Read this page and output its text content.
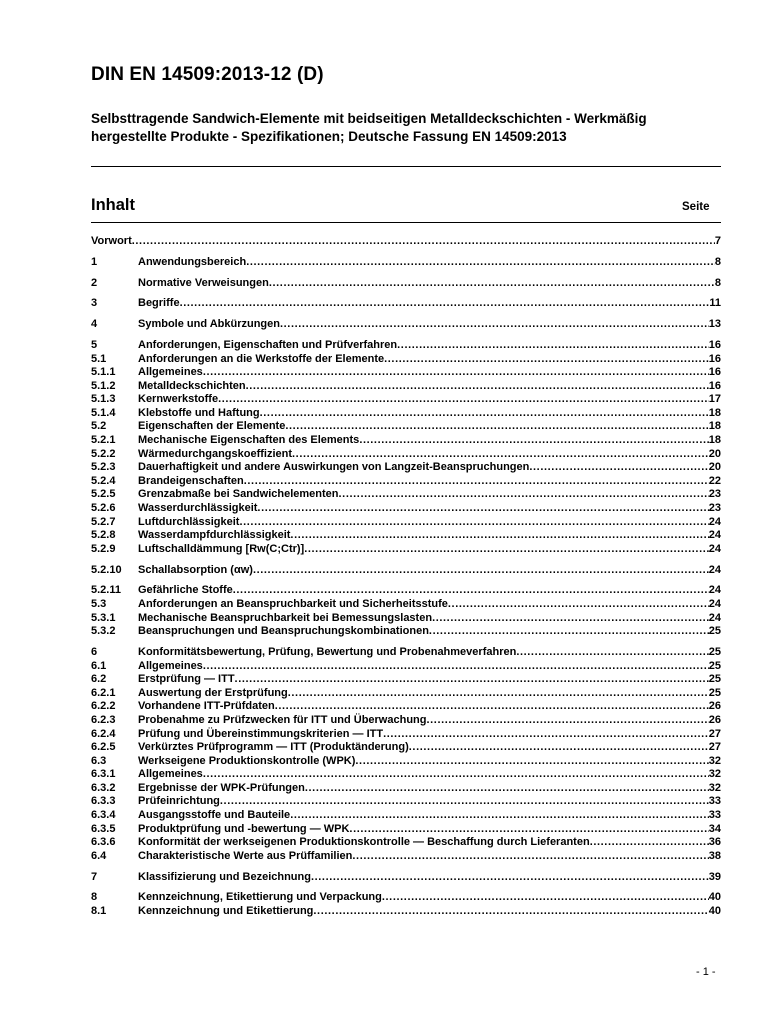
DIN EN 14509:2013-12 (D)
Selbsttragende Sandwich-Elemente mit beidseitigen Metalldeckschichten - Werkmäßig hergestellte Produkte - Spezifikationen; Deutsche Fassung EN 14509:2013
Inhalt	Seite
Vorwort .....	7
1	Anwendungsbereich .....	8
2	Normative Verweisungen .....	8
3	Begriffe .....	11
4	Symbole und Abkürzungen .....	13
5	Anforderungen, Eigenschaften und Prüfverfahren .....	16
5.1	Anforderungen an die Werkstoffe der Elemente .....	16
5.1.1	Allgemeines .....	16
5.1.2	Metalldeckschichten .....	16
5.1.3	Kernwerkstoffe .....	17
5.1.4	Klebstoffe und Haftung .....	18
5.2	Eigenschaften der Elemente .....	18
5.2.1	Mechanische Eigenschaften des Elements .....	18
5.2.2	Wärmedurchgangskoeffizient .....	20
5.2.3	Dauerhaftigkeit und andere Auswirkungen von Langzeit-Beanspruchungen .....	20
5.2.4	Brandeigenschaften .....	22
5.2.5	Grenzabmaße bei Sandwichelementen .....	23
5.2.6	Wasserdurchlässigkeit .....	23
5.2.7	Luftdurchlässigkeit .....	24
5.2.8	Wasserdampfdurchlässigkeit .....	24
5.2.9	Luftschalldämmung [Rw(C;Ctr)] .....	24
5.2.10	Schallabsorption (αw) .....	24
5.2.11	Gefährliche Stoffe .....	24
5.3	Anforderungen an Beanspruchbarkeit und Sicherheitsstufe .....	24
5.3.1	Mechanische Beanspruchbarkeit bei Bemessungslasten .....	24
5.3.2	Beanspruchungen und Beanspruchungskombinationen .....	25
6	Konformitätsbewertung, Prüfung, Bewertung und Probenahmeverfahren .....	25
6.1	Allgemeines .....	25
6.2	Erstprüfung — ITT .....	25
6.2.1	Auswertung der Erstprüfung .....	25
6.2.2	Vorhandene ITT-Prüfdaten .....	26
6.2.3	Probenahme zu Prüfzwecken für ITT und Überwachung .....	26
6.2.4	Prüfung und Übereinstimmungskriterien — ITT .....	27
6.2.5	Verkürztes Prüfprogramm — ITT (Produktänderung) .....	27
6.3	Werkseigene Produktionskontrolle (WPK) .....	32
6.3.1	Allgemeines .....	32
6.3.2	Ergebnisse der WPK-Prüfungen .....	32
6.3.3	Prüfeinrichtung .....	33
6.3.4	Ausgangsstoffe und Bauteile .....	33
6.3.5	Produktprüfung und -bewertung — WPK .....	34
6.3.6	Konformität der werkseigenen Produktionskontrolle — Beschaffung durch Lieferanten .....	36
6.4	Charakteristische Werte aus Prüffamilien .....	38
7	Klassifizierung und Bezeichnung .....	39
8	Kennzeichnung, Etikettierung und Verpackung .....	40
8.1	Kennzeichnung und Etikettierung .....	40
- 1 -
